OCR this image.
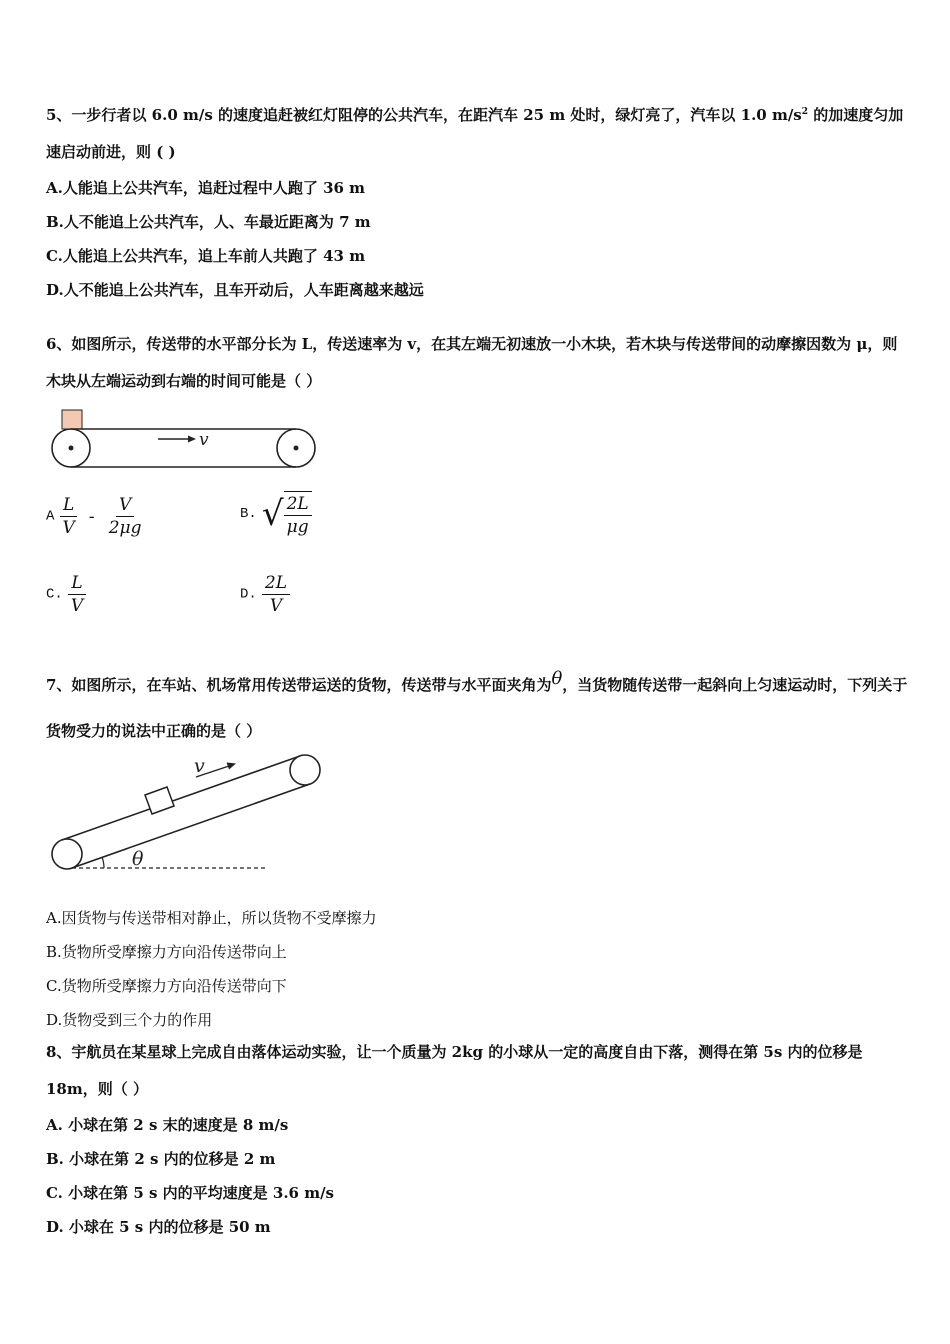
5、一步行者以 6.0 m/s 的速度追赶被红灯阻停的公共汽车，在距汽车 25 m 处时，绿灯亮了，汽车以 1.0 $m/s^2$ 的加速度匀加速启动前进，则 ( )

A.人能追上公共汽车，追赶过程中人跑了 36 m

B.人不能追上公共汽车，人、车最近距离为 7 m

C.人能追上公共汽车，追上车前人共跑了 43 m

D.人不能追上公共汽车，且车开动后，人车距离越来越远

6、如图所示，传送带的水平部分长为 L，传送速率为 v，在其左端无初速放一小木块，若木块与传送带间的动摩擦因数为 μ，则木块从左端运动到右端的时间可能是（ ）

v
A $\frac{L}{V} - \frac{V}{2\mu g}$	B. √ $\frac{2L}{\mu g}$
C. $\frac{L}{V}$	D. $\frac{2L}{V}$

7、如图所示，在车站、机场常用传送带运送的货物，传送带与水平面夹角为θ，当货物随传送带一起斜向上匀速运动时，下列关于货物受力的说法中正确的是（ ）

v
θ

A.因货物与传送带相对静止，所以货物不受摩擦力

B.货物所受摩擦力方向沿传送带向上

C.货物所受摩擦力方向沿传送带向下

D.货物受到三个力的作用

8、宇航员在某星球上完成自由落体运动实验，让一个质量为 2kg 的小球从一定的高度自由下落，测得在第 5s 内的位移是 18m，则（ ）

A. 小球在第 2 s 末的速度是 8 m/s

B. 小球在第 2 s 内的位移是 2 m

C. 小球在第 5 s 内的平均速度是 3.6 m/s

D. 小球在 5 s 内的位移是 50 m
